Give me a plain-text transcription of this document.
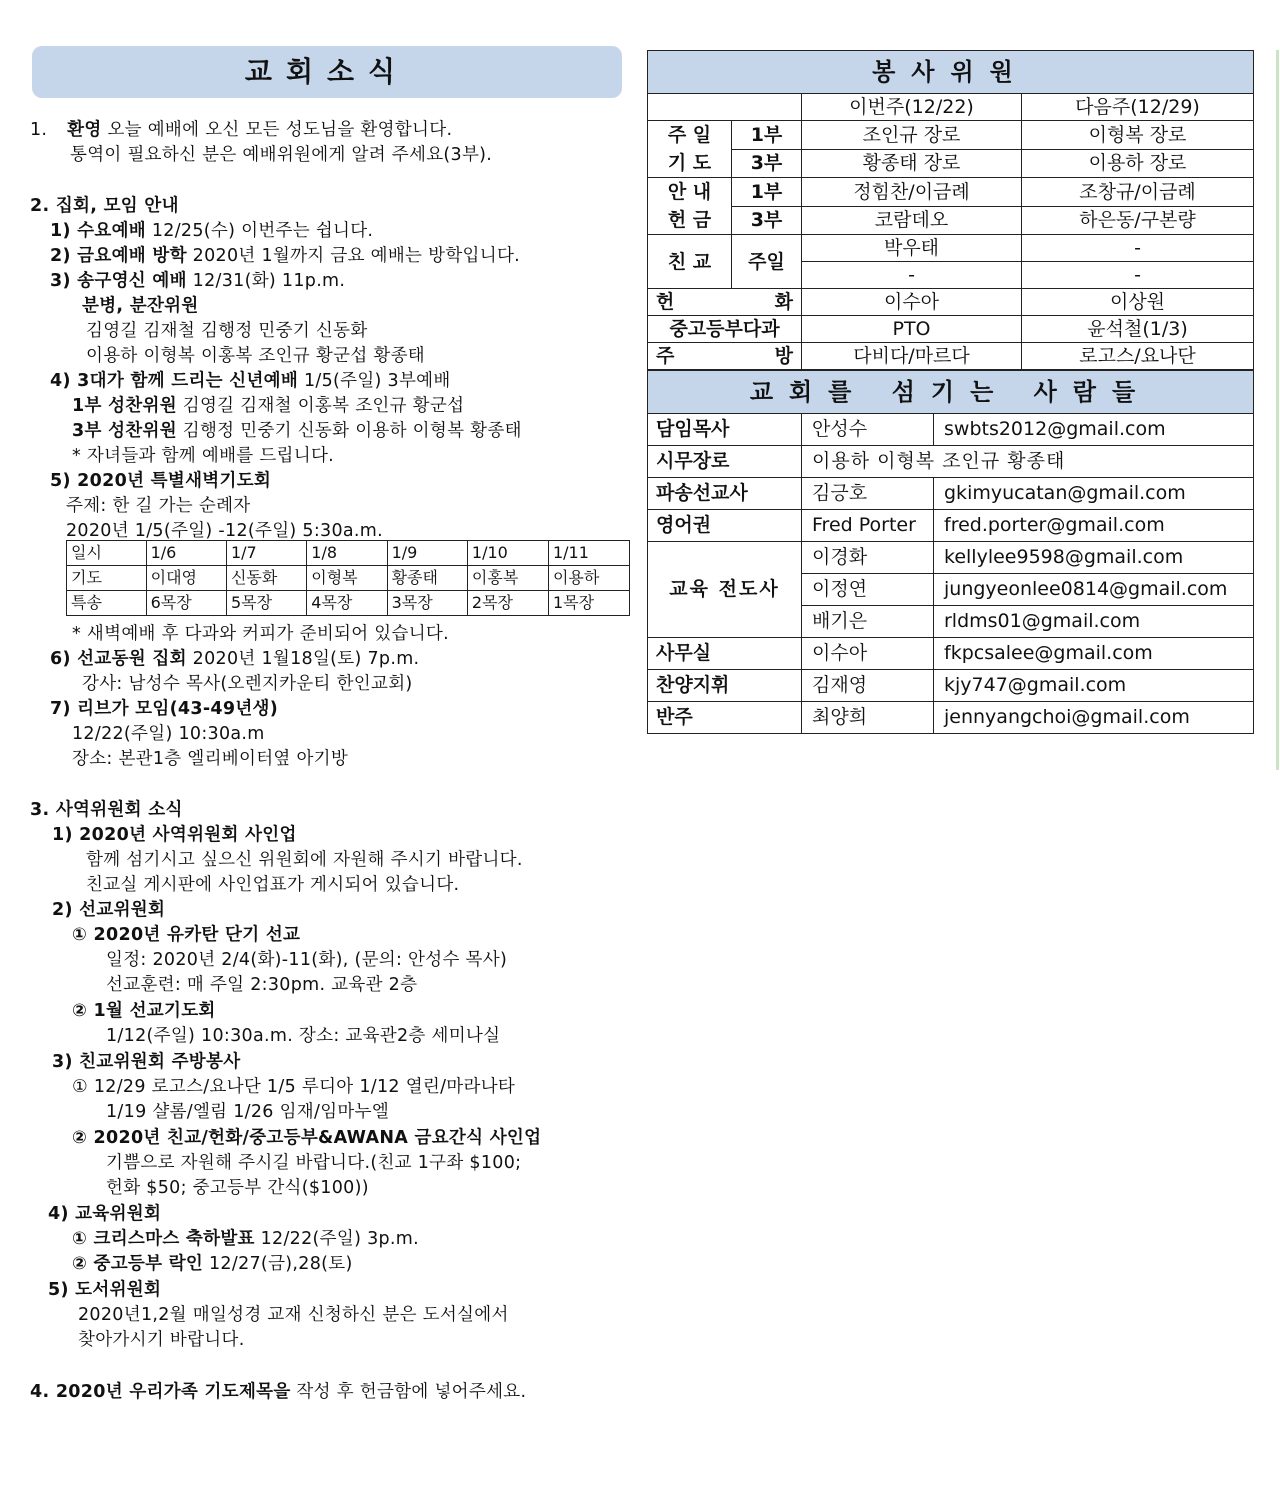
교회소식
1. 환영 오늘 예배에 오신 모든 성도님을 환영합니다.
통역이 필요하신 분은 예배위원에게 알려 주세요(3부).
2. 집회, 모임 안내
1) 수요예배 12/25(수) 이번주는 쉽니다.
2) 금요예배 방학 2020년 1월까지 금요 예배는 방학입니다.
3) 송구영신 예배 12/31(화) 11p.m.
분병, 분잔위원
김영길 김재철 김행정 민중기 신동화
이용하 이형복 이홍복 조인규 황군섭 황종태
4) 3대가 함께 드리는 신년예배 1/5(주일) 3부예배
1부 성찬위원 김영길 김재철 이홍복 조인규 황군섭
3부 성찬위원 김행정 민중기 신동화 이용하 이형복 황종태
* 자녀들과 함께 예배를 드립니다.
5) 2020년 특별새벽기도회
주제: 한 길 가는 순례자
2020년 1/5(주일) -12(주일) 5:30a.m.
일시	1/6	1/7	1/8	1/9	1/10	1/11
기도	이대영	신동화	이형복	황종태	이홍복	이용하
특송	6목장	5목장	4목장	3목장	2목장	1목장
* 새벽예배 후 다과와 커피가 준비되어 있습니다.
6) 선교동원 집회 2020년 1월18일(토) 7p.m.
강사: 남성수 목사(오렌지카운티 한인교회)
7) 리브가 모임(43-49년생)
12/22(주일) 10:30a.m
장소: 본관1층 엘리베이터옆 아기방
3. 사역위원회 소식
1) 2020년 사역위원회 사인업
함께 섬기시고 싶으신 위원회에 자원해 주시기 바랍니다.
친교실 게시판에 사인업표가 게시되어 있습니다.
2) 선교위원회
① 2020년 유카탄 단기 선교
일정: 2020년 2/4(화)-11(화), (문의: 안성수 목사)
선교훈련: 매 주일 2:30pm. 교육관 2층
② 1월 선교기도회
1/12(주일) 10:30a.m. 장소: 교육관2층 세미나실
3) 친교위원회 주방봉사
① 12/29 로고스/요나단 1/5 루디아 1/12 열린/마라나타
1/19 샬롬/엘림 1/26 임재/임마누엘
② 2020년 친교/헌화/중고등부&AWANA 금요간식 사인업
기쁨으로 자원해 주시길 바랍니다.(친교 1구좌 $100;
헌화 $50; 중고등부 간식($100))
4) 교육위원회
① 크리스마스 축하발표 12/22(주일) 3p.m.
② 중고등부 락인 12/27(금),28(토)
5) 도서위원회
2020년1,2월 매일성경 교재 신청하신 분은 도서실에서
찾아가시기 바랍니다.
4. 2020년 우리가족 기도제목을 작성 후 헌금함에 넣어주세요.
봉사위원			
		이번주(12/22)	다음주(12/29)

주 일
기 도	1부	조인규 장로	이형복 장로
	3부	황종태 장로	이용하 장로

안 내
헌 금	1부	정힘찬/이금례	조창규/이금례
	3부	코람데오	하은동/구본량
친 교	주일	박우태	-
		-	-
헌 화		이수아	이상원
중고등부다과		PTO	윤석철(1/3)
주 방		다비다/마르다	로고스/요나단
교회를 섬기는 사람들		
담임목사	안성수	swbts2012@gmail.com
시무장로	이용하 이형복 조인규 황종태	
파송선교사	김긍호	gkimyucatan@gmail.com
영어권	Fred Porter	fred.porter@gmail.com
교육 전도사	이경화	kellylee9598@gmail.com
	이정연	jungyeonlee0814@gmail.com
	배기은	rldms01@gmail.com
사무실	이수아	fkpcsalee@gmail.com
찬양지휘	김재영	kjy747@gmail.com
반주	최양희	jennyangchoi@gmail.com
